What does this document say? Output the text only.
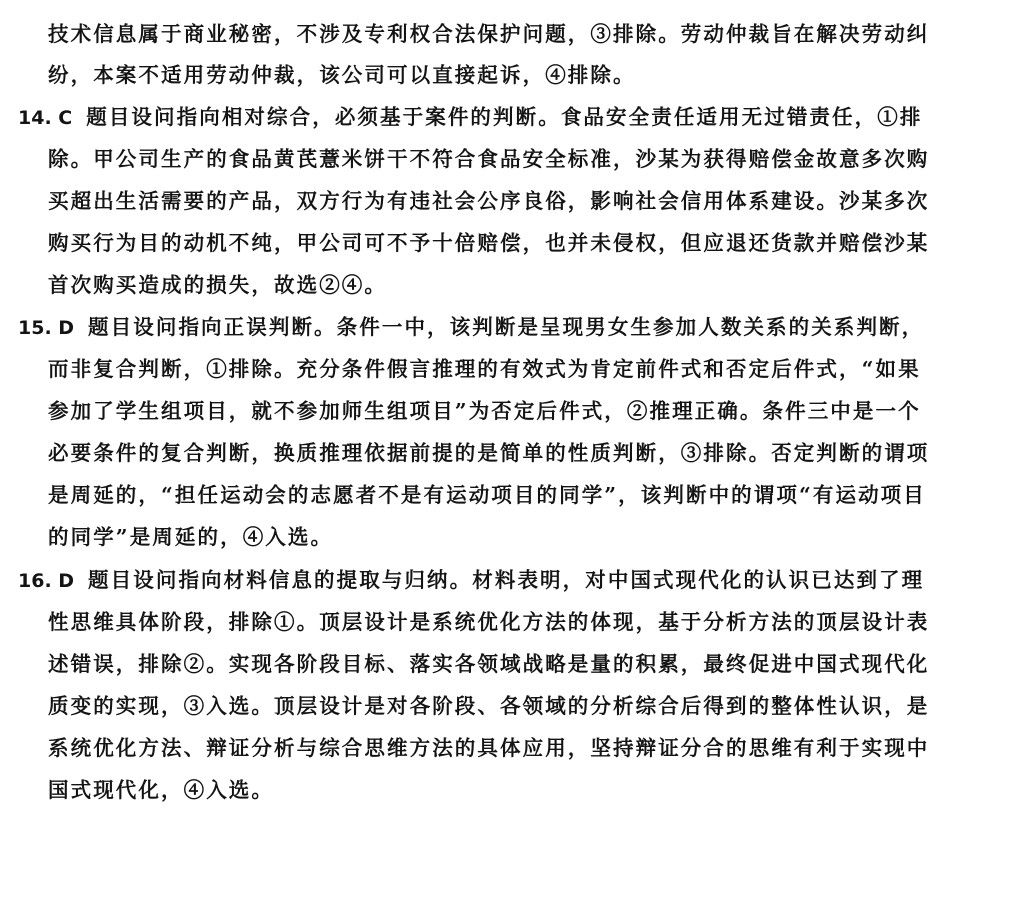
技术信息属于商业秘密，不涉及专利权合法保护问题，③排除。劳动仲裁旨在解决劳动纠
纷，本案不适用劳动仲裁，该公司可以直接起诉，④排除。
14. C 题目设问指向相对综合，必须基于案件的判断。食品安全责任适用无过错责任，①排
除。甲公司生产的食品黄芪薏米饼干不符合食品安全标准，沙某为获得赔偿金故意多次购
买超出生活需要的产品，双方行为有违社会公序良俗，影响社会信用体系建设。沙某多次
购买行为目的动机不纯，甲公司可不予十倍赔偿，也并未侵权，但应退还货款并赔偿沙某
首次购买造成的损失，故选②④。
15. D 题目设问指向正误判断。条件一中，该判断是呈现男女生参加人数关系的关系判断，
而非复合判断，①排除。充分条件假言推理的有效式为肯定前件式和否定后件式，“如果
参加了学生组项目，就不参加师生组项目”为否定后件式，②推理正确。条件三中是一个
必要条件的复合判断，换质推理依据前提的是简单的性质判断，③排除。否定判断的谓项
是周延的，“担任运动会的志愿者不是有运动项目的同学”，该判断中的谓项“有运动项目
的同学”是周延的，④入选。
16. D 题目设问指向材料信息的提取与归纳。材料表明，对中国式现代化的认识已达到了理
性思维具体阶段，排除①。顶层设计是系统优化方法的体现，基于分析方法的顶层设计表
述错误，排除②。实现各阶段目标、落实各领域战略是量的积累，最终促进中国式现代化
质变的实现，③入选。顶层设计是对各阶段、各领域的分析综合后得到的整体性认识，是
系统优化方法、辩证分析与综合思维方法的具体应用，坚持辩证分合的思维有利于实现中
国式现代化，④入选。
